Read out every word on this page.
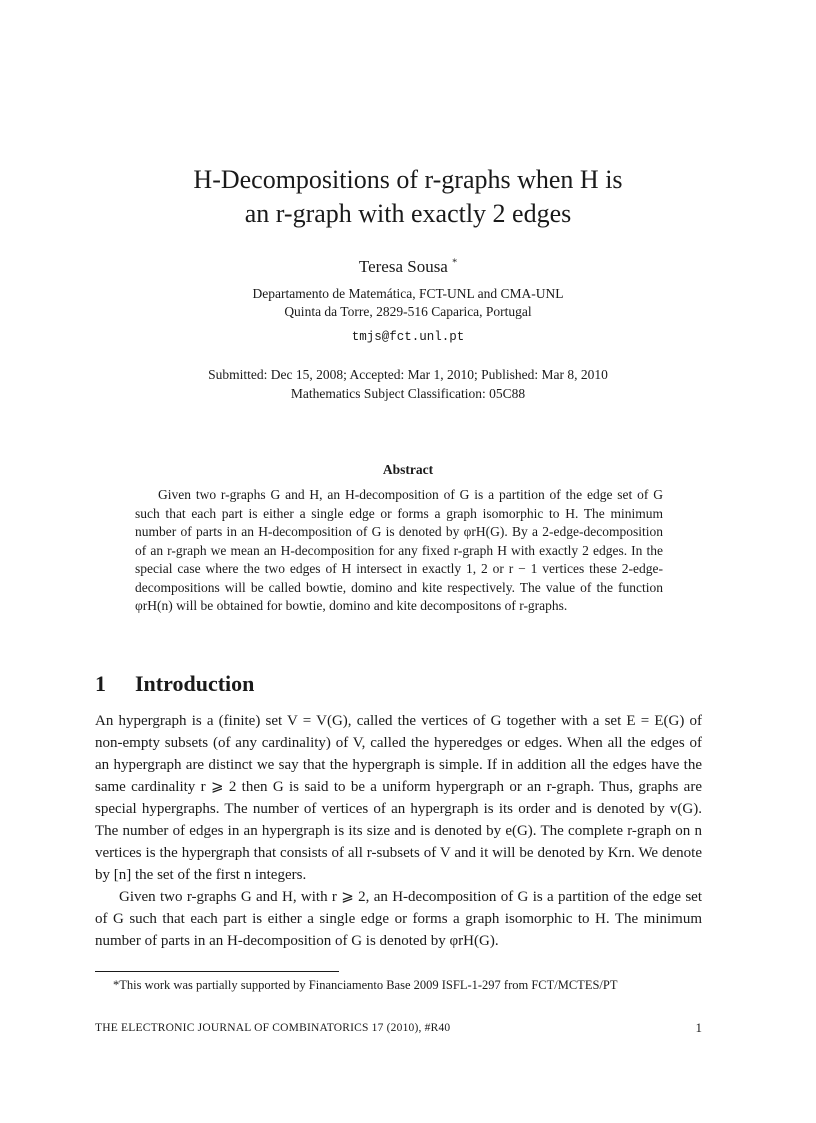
H-Decompositions of r-graphs when H is
an r-graph with exactly 2 edges
Teresa Sousa *
Departamento de Matemática, FCT-UNL and CMA-UNL
Quinta da Torre, 2829-516 Caparica, Portugal
tmjs@fct.unl.pt
Submitted: Dec 15, 2008; Accepted: Mar 1, 2010; Published: Mar 8, 2010
Mathematics Subject Classification: 05C88
Abstract

Given two r-graphs G and H, an H-decomposition of G is a partition of the edge set of G such that each part is either a single edge or forms a graph isomorphic to H. The minimum number of parts in an H-decomposition of G is denoted by φrH(G). By a 2-edge-decomposition of an r-graph we mean an H-decomposition for any fixed r-graph H with exactly 2 edges. In the special case where the two edges of H intersect in exactly 1, 2 or r − 1 vertices these 2-edge-decompositions will be called bowtie, domino and kite respectively. The value of the function φrH(n) will be obtained for bowtie, domino and kite decompositons of r-graphs.

1 Introduction

An hypergraph is a (finite) set V = V(G), called the vertices of G together with a set E = E(G) of non-empty subsets (of any cardinality) of V, called the hyperedges or edges. When all the edges of an hypergraph are distinct we say that the hypergraph is simple. If in addition all the edges have the same cardinality r ⩾ 2 then G is said to be a uniform hypergraph or an r-graph. Thus, graphs are special hypergraphs. The number of vertices of an hypergraph is its order and is denoted by v(G). The number of edges in an hypergraph is its size and is denoted by e(G). The complete r-graph on n vertices is the hypergraph that consists of all r-subsets of V and it will be denoted by Krn. We denote by [n] the set of the first n integers.

Given two r-graphs G and H, with r ⩾ 2, an H-decomposition of G is a partition of the edge set of G such that each part is either a single edge or forms a graph isomorphic to H. The minimum number of parts in an H-decomposition of G is denoted by φrH(G).

*This work was partially supported by Financiamento Base 2009 ISFL-1-297 from FCT/MCTES/PT
THE ELECTRONIC JOURNAL OF COMBINATORICS 17 (2010), #R40	1
